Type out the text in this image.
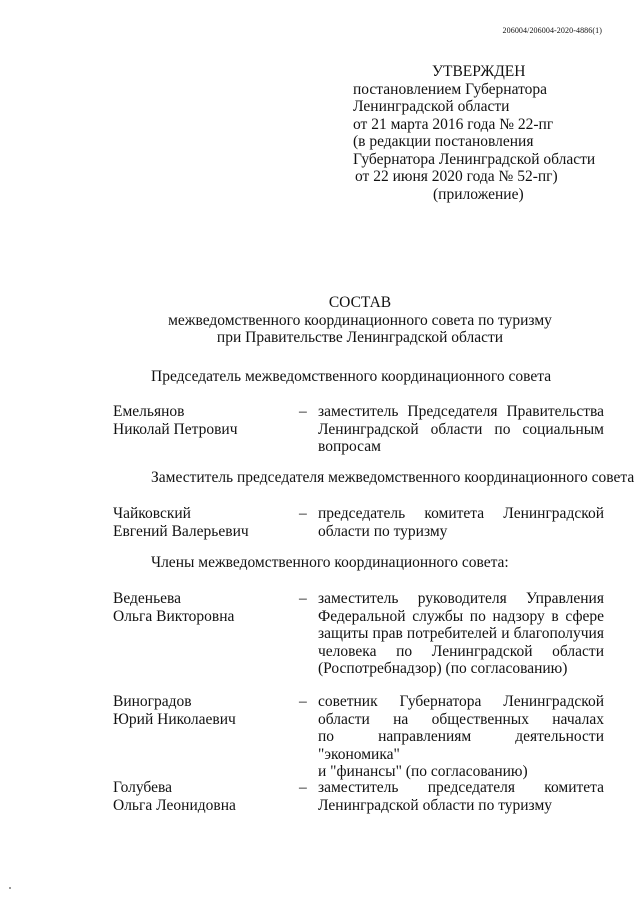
206004/206004-2020-4886(1)
УТВЕРЖДЕН
постановлением Губернатора
Ленинградской области
от 21 марта 2016 года № 22-пг
(в редакции постановления
Губернатора Ленинградской области
от 22 июня 2020 года № 52-пг)
(приложение)
СОСТАВ
межведомственного координационного совета по туризму
при Правительстве Ленинградской области
Председатель межведомственного координационного совета
Емельянов
Николай Петрович
– заместитель Председателя Правительства
Ленинградской области по социальным
вопросам
Заместитель председателя межведомственного координационного совета
Чайковский
Евгений Валерьевич
– председатель комитета Ленинградской
области по туризму
Члены межведомственного координационного совета:
Веденьева
Ольга Викторовна
– заместитель руководителя Управления
Федеральной службы по надзору в сфере
защиты прав потребителей и благополучия
человека по Ленинградской области
(Роспотребнадзор) (по согласованию)
Виноградов
Юрий Николаевич
– советник Губернатора Ленинградской
области на общественных началах
по направлениям деятельности "экономика"
и "финансы" (по согласованию)
Голубева
Ольга Леонидовна
– заместитель председателя комитета
Ленинградской области по туризму
